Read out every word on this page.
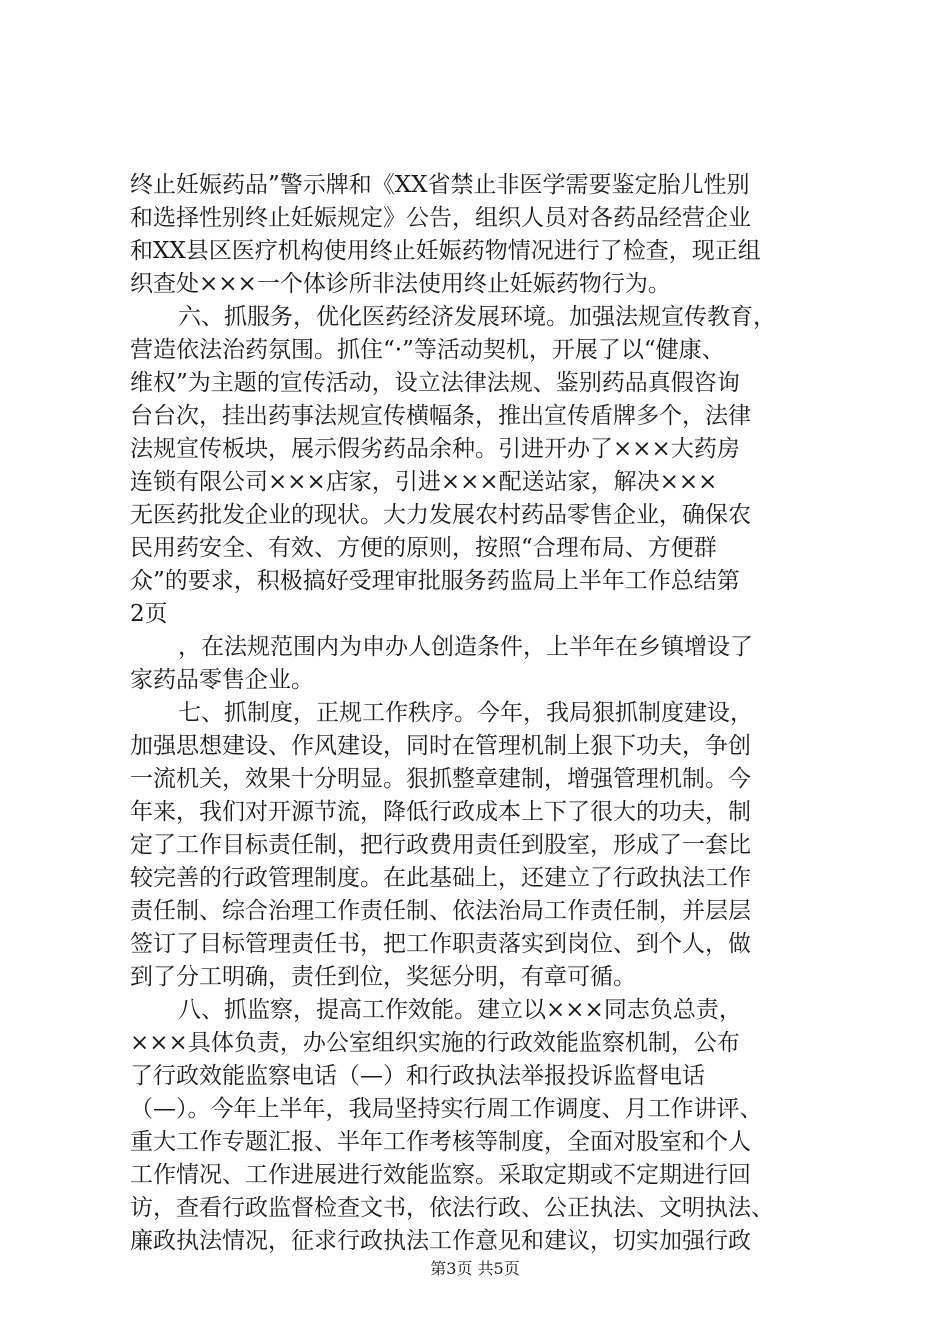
终止妊娠药品”警示牌和《XX省禁止非医学需要鉴定胎儿性别
和选择性别终止妊娠规定》公告，组织人员对各药品经营企业
和XX县区医疗机构使用终止妊娠药物情况进行了检查，现正组
织查处×××一个体诊所非法使用终止妊娠药物行为。
六、抓服务，优化医药经济发展环境。加强法规宣传教育，
营造依法治药氛围。抓住“·”等活动契机，开展了以“健康、
维权”为主题的宣传活动，设立法律法规、鉴别药品真假咨询
台台次，挂出药事法规宣传横幅条，推出宣传盾牌多个，法律
法规宣传板块，展示假劣药品余种。引进开办了×××大药房
连锁有限公司×××店家，引进×××配送站家，解决×××
无医药批发企业的现状。大力发展农村药品零售企业，确保农
民用药安全、有效、方便的原则，按照“合理布局、方便群
众”的要求，积极搞好受理审批服务药监局上半年工作总结第
2页
，在法规范围内为申办人创造条件，上半年在乡镇增设了
家药品零售企业。
七、抓制度，正规工作秩序。今年，我局狠抓制度建设，
加强思想建设、作风建设，同时在管理机制上狠下功夫，争创
一流机关，效果十分明显。狠抓整章建制，增强管理机制。今
年来，我们对开源节流，降低行政成本上下了很大的功夫，制
定了工作目标责任制，把行政费用责任到股室，形成了一套比
较完善的行政管理制度。在此基础上，还建立了行政执法工作
责任制、综合治理工作责任制、依法治局工作责任制，并层层
签订了目标管理责任书，把工作职责落实到岗位、到个人，做
到了分工明确，责任到位，奖惩分明，有章可循。
八、抓监察，提高工作效能。建立以×××同志负总责，
×××具体负责，办公室组织实施的行政效能监察机制，公布
了行政效能监察电话（—）和行政执法举报投诉监督电话
（—）。今年上半年，我局坚持实行周工作调度、月工作讲评、
重大工作专题汇报、半年工作考核等制度，全面对股室和个人
工作情况、工作进展进行效能监察。采取定期或不定期进行回
访，查看行政监督检查文书，依法行政、公正执法、文明执法、
廉政执法情况，征求行政执法工作意见和建议，切实加强行政
第3页 共5页
